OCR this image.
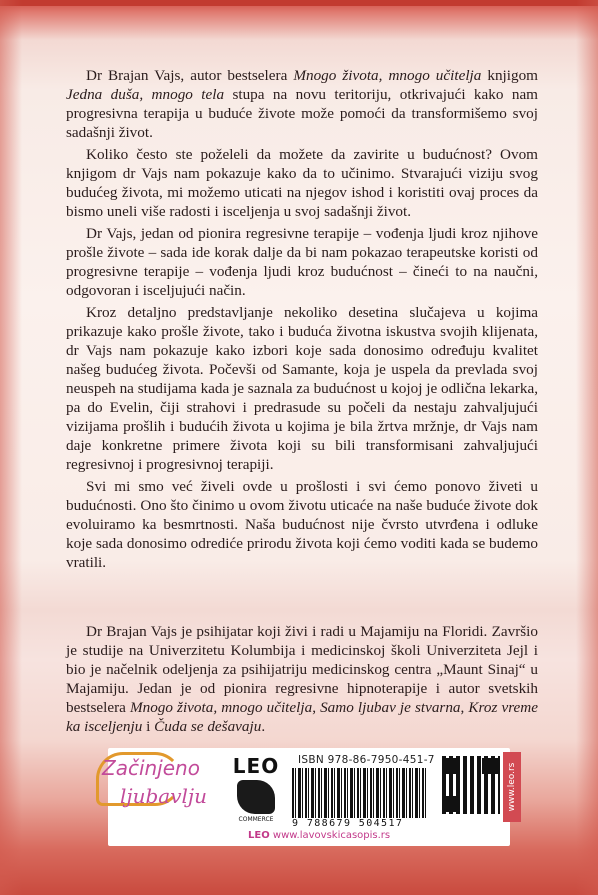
Dr Brajan Vajs, autor bestselera Mnogo života, mnogo učitelja knjigom Jedna duša, mnogo tela stupa na novu teritoriju, otkrivajući kako nam progresivna terapija u buduće živote može pomoći da transformišemo svoj sadašnji život.

Koliko često ste poželeli da možete da zavirite u budućnost? Ovom knjigom dr Vajs nam pokazuje kako da to učinimo. Stvarajući viziju svog budućeg života, mi možemo uticati na njegov ishod i koristiti ovaj proces da bismo uneli više radosti i isceljenja u svoj sadašnji život.

Dr Vajs, jedan od pionira regresivne terapije – vođenja ljudi kroz njihove prošle živote – sada ide korak dalje da bi nam pokazao terapeutske koristi od progresivne terapije – vođenja ljudi kroz budućnost – čineći to na naučni, odgovoran i isceljujući način.

Kroz detaljno predstavljanje nekoliko desetina slučajeva u kojima prikazuje kako prošle živote, tako i buduća životna iskustva svojih klijenata, dr Vajs nam pokazuje kako izbori koje sada donosimo određuju kvalitet našeg budućeg života. Počevši od Samante, koja je uspela da prevlada svoj neuspeh na studijama kada je saznala za budućnost u kojoj je odlična lekarka, pa do Evelin, čiji strahovi i predrasude su počeli da nestaju zahvaljujući vizijama prošlih i budućih života u kojima je bila žrtva mržnje, dr Vajs nam daje konkretne primere života koji su bili transformisani zahvaljujući regresivnoj i progresivnoj terapiji.

Svi mi smo već živeli ovde u prošlosti i svi ćemo ponovo živeti u budućnosti. Ono što činimo u ovom životu uticaće na naše buduće živote dok evoluiramo ka besmrtnosti. Naša budućnost nije čvrsto utvrđena i odluke koje sada donosimo odrediće prirodu života koji ćemo voditi kada se budemo vratili.

Dr Brajan Vajs je psihijatar koji živi i radi u Majamiju na Floridi. Završio je studije na Univerzitetu Kolumbija i medicinskoj školi Univerziteta Jejl i bio je načelnik odeljenja za psihijatriju medicinskog centra „Maunt Sinaj“ u Majamiju. Jedan je od pionira regresivne hipnoterapije i autor svetskih bestselera Mnogo života, mnogo učitelja, Samo ljubav je stvarna, Kroz vreme ka isceljenju i Čuda se dešavaju.

Začinjeno
ljubavlju
LEO
COMMERCE
ISBN 978-86-7950-451-7
9 788679 504517
www.leo.rs
LEO www.lavovskicasopis.rs
